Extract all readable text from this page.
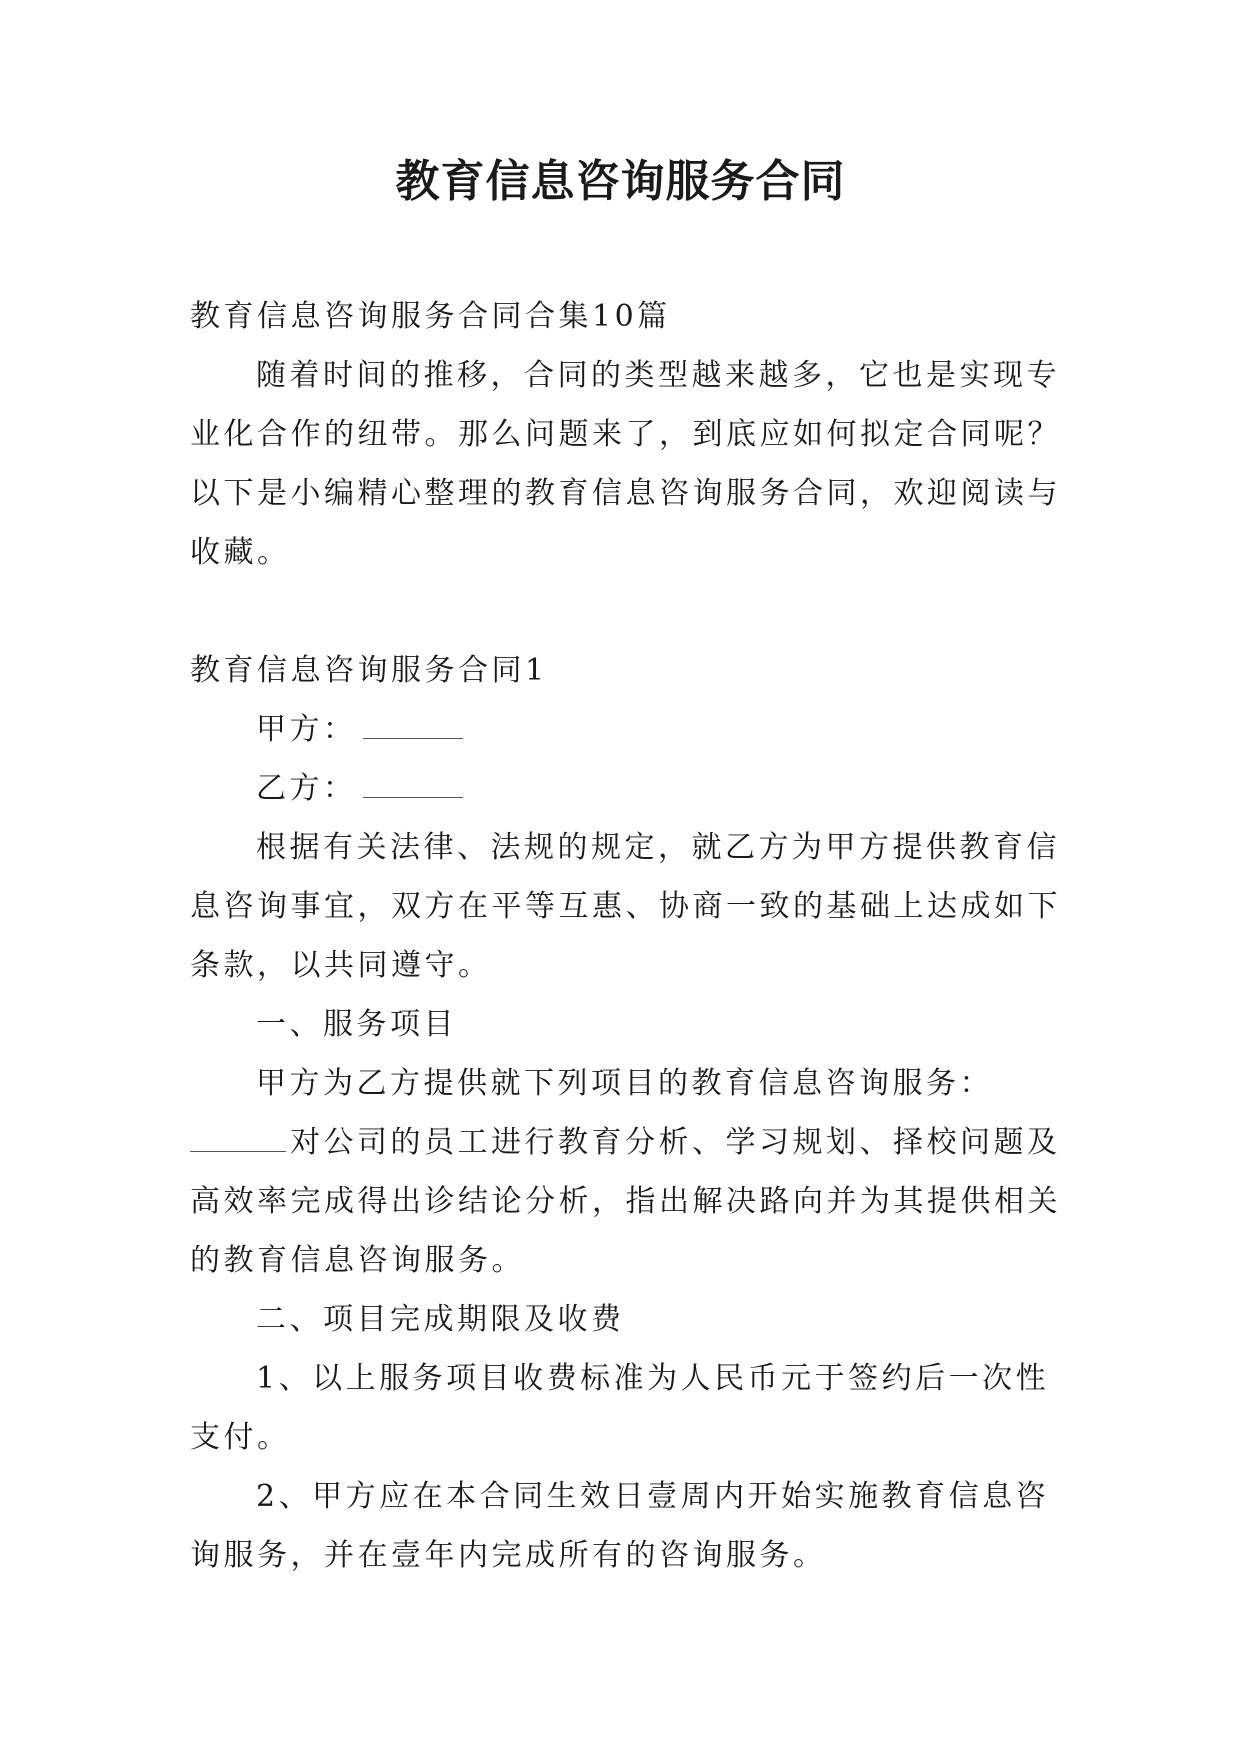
教育信息咨询服务合同

教育信息咨询服务合同合集10篇

随着时间的推移，合同的类型越来越多，它也是实现专

业化合作的纽带。那么问题来了，到底应如何拟定合同呢？

以下是小编精心整理的教育信息咨询服务合同，欢迎阅读与

收藏。

教育信息咨询服务合同1

甲方：

乙方：

根据有关法律、法规的规定，就乙方为甲方提供教育信

息咨询事宜，双方在平等互惠、协商一致的基础上达成如下

条款，以共同遵守。

一、服务项目

甲方为乙方提供就下列项目的教育信息咨询服务：

对公司的员工进行教育分析、学习规划、择校问题及

高效率完成得出诊结论分析，指出解决路向并为其提供相关

的教育信息咨询服务。

二、项目完成期限及收费

1、以上服务项目收费标准为人民币元于签约后一次性

支付。

2、甲方应在本合同生效日壹周内开始实施教育信息咨

询服务，并在壹年内完成所有的咨询服务。
